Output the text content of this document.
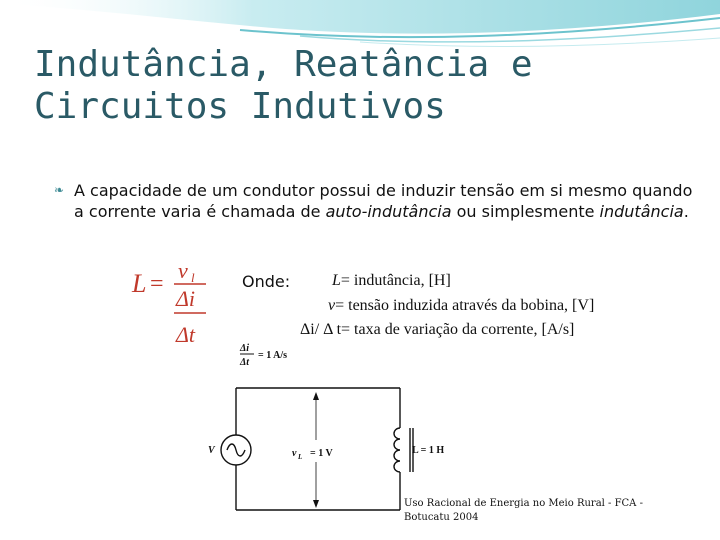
Indutância, Reatância e
Circuitos Indutivos
❧ A capacidade de um condutor possui de induzir tensão em si mesmo quando a corrente varia é chamada de auto-indutância ou simplesmente indutância.
L =
v l
Δi
Δt
Onde:	L= indutância, [H]
v= tensão induzida através da bobina, [V]
Δi/ Δ t= taxa de variação da corrente, [A/s]
Δi
Δt
= 1 A/s
V	v L = 1 V	L = 1 H
Uso Racional de Energia no Meio Rural - FCA -
Botucatu 2004
